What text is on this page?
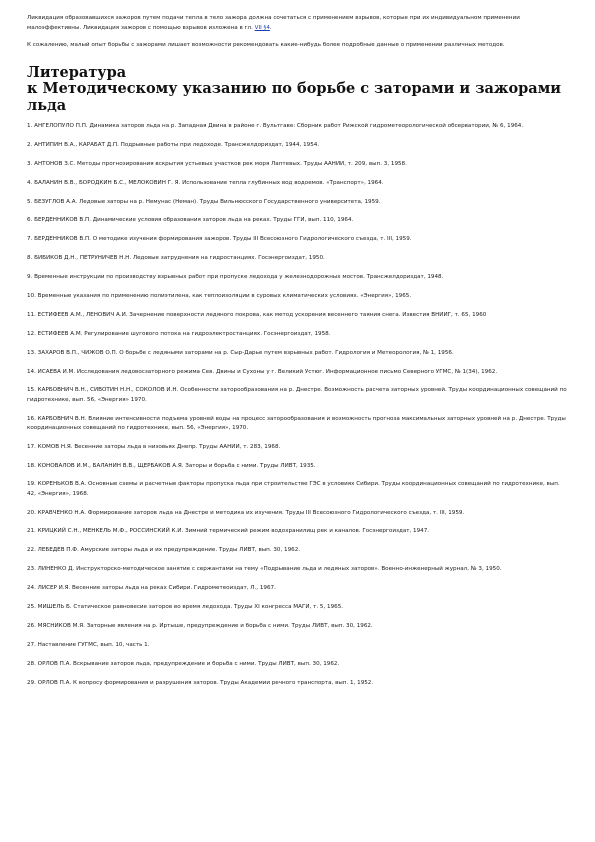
Ликвидация образовавшихся зажоров путем подачи тепла в тело зажора должна сочетаться с применением взрывов, которые при их индивидуальном применении малоэффективны. Ликвидация зажоров с помощью взрывов изложена в гл. VII §4.

К сожалению, малый опыт борьбы с зажорами лишает возможности рекомендовать какие-нибудь более подробные данные о применении различных методов.

Литература
к Методическому указанию по борьбе с заторами и зажорами льда
1. АНГЕЛОПУЛО П.П. Динамика заторов льда на р. Западная Двина в районе г. Вультгаве: Сборник работ Рижской гидрометеорологической обсерватории, № 6, 1964.
2. АНТИПИН В.А., КАРАБАТ Д.П. Подрывные работы при ледоходе. Трансжелдориздат, 1944, 1954.
3. АНТОНОВ З.С. Методы прогнозирования вскрытия устьевых участков рек моря Лаптевых. Труды ААНИИ, т. 209, вып. 3, 1958.
4. БАЛАНИН В.В., БОРОДКИН Б.С., МЕЛОКОВИН Г. Я. Использование тепла глубинных вод водоемов. «Транспорт», 1964.
5. БЕЗУГЛОВ А.А. Ледовые заторы на р. Немунас (Неман). Труды Вильнюсского Государственного университета, 1959.
6. БЕРДЕННИКОВ В.П. Динамические условия образования заторов льда на реках. Труды ГГИ, вып. 110, 1964.
7. БЕРДЕННИКОВ В.П. О методике изучения формирования зажоров. Труды III Всесоюзного Гидрологического съезда, т. III, 1959.
8. БИБИКОВ Д.Н., ПЕТРУНИЧЕВ Н.Н. Ледовые затруднения на гидростанциях. Госэнергоиздат, 1950.
9. Временные инструкции по производству взрывных работ при пропуске ледохода у железнодорожных мостов. Трансжелдориздат, 1948.
10. Временные указания по применению полиэтилена, как теплоизоляции в суровых климатических условиях. «Энергия», 1965.
11. ЕСТИФЕЕВ А.М., ЛЕНОВИЧ А.И. Зачернение поверхности ледяного покрова, как метод ускорения весеннего таяния снега. Известия ВНИИГ, т. 65, 1960
12. ЕСТИФЕЕВ А.М. Регулирование шугового потока на гидроэлектростанциях. Госэнергоиздат, 1958.
13. ЗАХАРОВ В.П., ЧИЖОВ О.П. О борьбе с ледяными заторами на р. Сыр-Дарье путем взрывных работ. Гидрология и Метеорология, № 1, 1956.
14. ИСАЕВА И.М. Исследования ледовосзаторного режима Сев. Двины и Сухоны у г. Великий Устюг. Информационное письмо Северного УГМС, № 1(34), 1962.
15. КАРБОВНИЧ В.Н., СИВОТИН Н.Н., СОКОЛОВ И.Н. Особенности заторообразования на р. Днестре. Возможность расчета заторных уровней. Труды координационных совещаний по гидротехнике, вып. 56, «Энергия» 1970.
16. КАРБОВНИЧ В.Н. Влияние интенсивности подъема уровней воды на процесс заторообразования и возможность прогноза максимальных заторных уровней на р. Днестре. Труды координационных совещаний по гидротехнике, вып. 56, «Энергия», 1970.
17. КОМОВ Н.Я. Весенние заторы льда в низовьях Днепр. Труды ААНИИ, т. 283, 1968.
18. КОНОВАЛОВ И.М., БАЛАНИН В.В., ЩЕРБАКОВ А.Я. Заторы и борьба с ними. Труды ЛИВТ, 1935.
19. КОРЕНЬКОВ В.А. Основные схемы и расчетные факторы пропуска льда при строительстве ГЭС в условиях Сибири. Труды координационных совещаний по гидротехнике, вып. 42, «Энергия», 1968.
20. КРАВЧЕНКО Н.А. Формирование заторов льда на Днестре и методика их изучения. Труды III Всесоюзного Гидрологического съезда, т. III, 1959.
21. КРИЦКИЙ С.Н., МЕНКЕЛЬ М.Ф., РОССИНСКИЙ К.И. Зимний термический режим водохранилищ рек и каналов. Госэнергоиздат, 1947.
22. ЛЕБЕДЕВ П.Ф. Амурские заторы льда и их предупреждение. Труды ЛИВТ, вып. 30, 1962.
23. ЛИНЕНКО Д. Инструкторско-методическое занятие с сержантами на тему «Подрывание льда и ледяных заторов». Военно-инженерный журнал, № 3, 1950.
24. ЛИСЕР И.Я. Весенние заторы льда на реках Сибири. Гидрометеоиздат, Л., 1967.
25. МИШЕЛЬ Б. Статическое равновесие заторов во время ледохода. Труды XI конгресса МАГИ, т. 5, 1965.
26. МЯСНИКОВ М.Я. Заторные явления на р. Иртыше, предупреждение и борьба с ними. Труды ЛИВТ, вып. 30, 1962.
27. Наставление ГУГМС, вып. 10, часть 1.
28. ОРЛОВ П.А. Вскрывание заторов льда, предупреждение и борьба с ними. Труды ЛИВТ, вып. 30, 1962.
29. ОРЛОВ П.А. К вопросу формирования и разрушения заторов. Труды Академии речного транспорта, вып. 1, 1952.
